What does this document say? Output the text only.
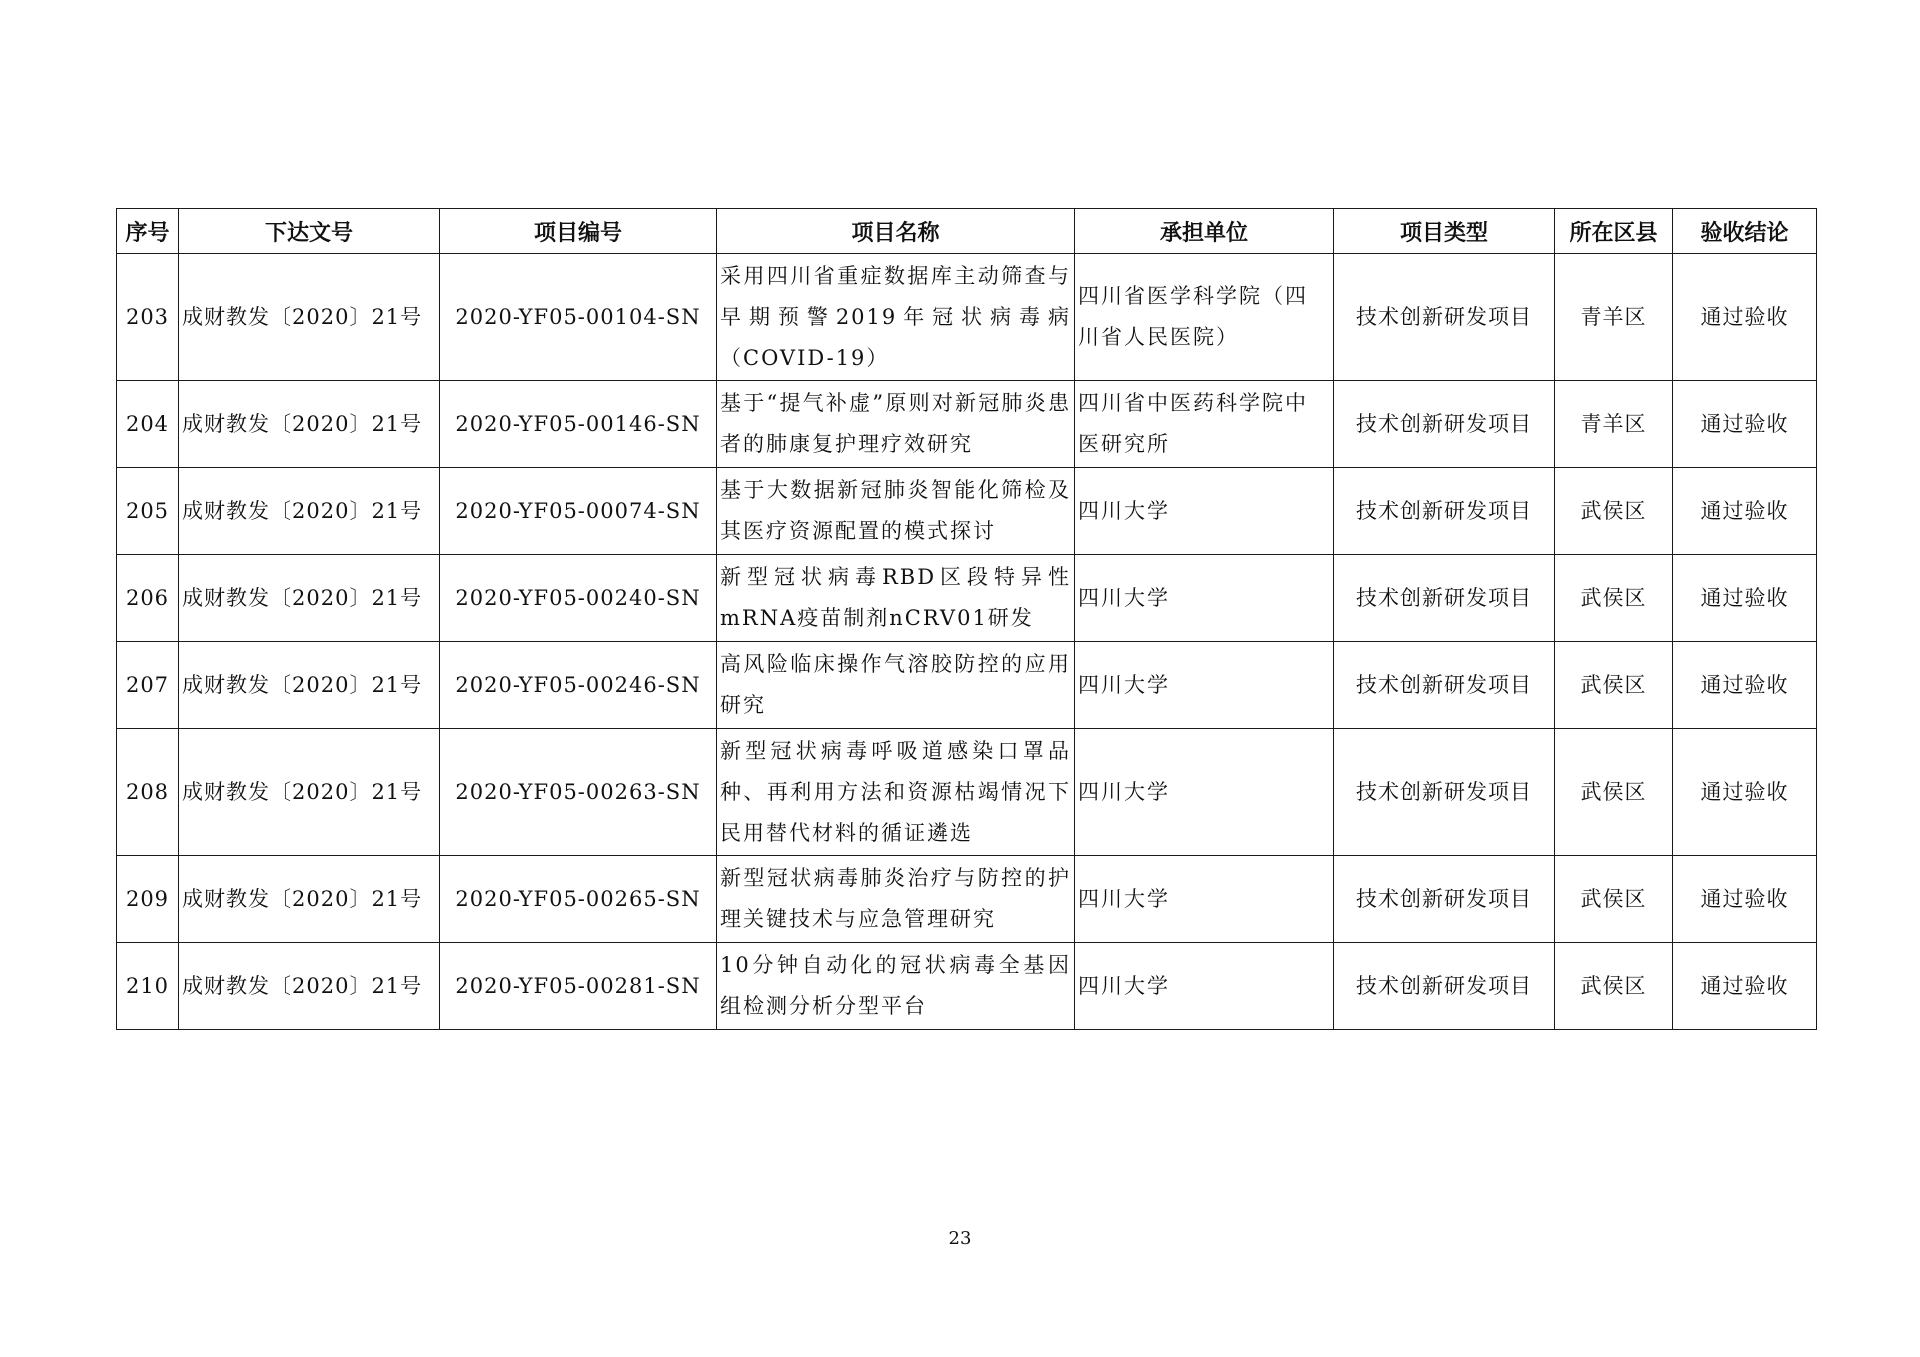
序号	下达文号	项目编号	项目名称	承担单位	项目类型	所在区县	验收结论
203	成财教发〔2020〕21号	2020-YF05-00104-SN	采用四川省重症数据库主动筛查与早期预警2019年冠状病毒病（COVID-19）	四川省医学科学院（四川省人民医院）	技术创新研发项目	青羊区	通过验收
204	成财教发〔2020〕21号	2020-YF05-00146-SN	基于“提气补虚”原则对新冠肺炎患者的肺康复护理疗效研究	四川省中医药科学院中医研究所	技术创新研发项目	青羊区	通过验收
205	成财教发〔2020〕21号	2020-YF05-00074-SN	基于大数据新冠肺炎智能化筛检及其医疗资源配置的模式探讨	四川大学	技术创新研发项目	武侯区	通过验收
206	成财教发〔2020〕21号	2020-YF05-00240-SN	新型冠状病毒RBD区段特异性mRNA疫苗制剂nCRV01研发	四川大学	技术创新研发项目	武侯区	通过验收
207	成财教发〔2020〕21号	2020-YF05-00246-SN	高风险临床操作气溶胶防控的应用研究	四川大学	技术创新研发项目	武侯区	通过验收
208	成财教发〔2020〕21号	2020-YF05-00263-SN	新型冠状病毒呼吸道感染口罩品种、再利用方法和资源枯竭情况下民用替代材料的循证遴选	四川大学	技术创新研发项目	武侯区	通过验收
209	成财教发〔2020〕21号	2020-YF05-00265-SN	新型冠状病毒肺炎治疗与防控的护理关键技术与应急管理研究	四川大学	技术创新研发项目	武侯区	通过验收
210	成财教发〔2020〕21号	2020-YF05-00281-SN	10分钟自动化的冠状病毒全基因组检测分析分型平台	四川大学	技术创新研发项目	武侯区	通过验收
23
